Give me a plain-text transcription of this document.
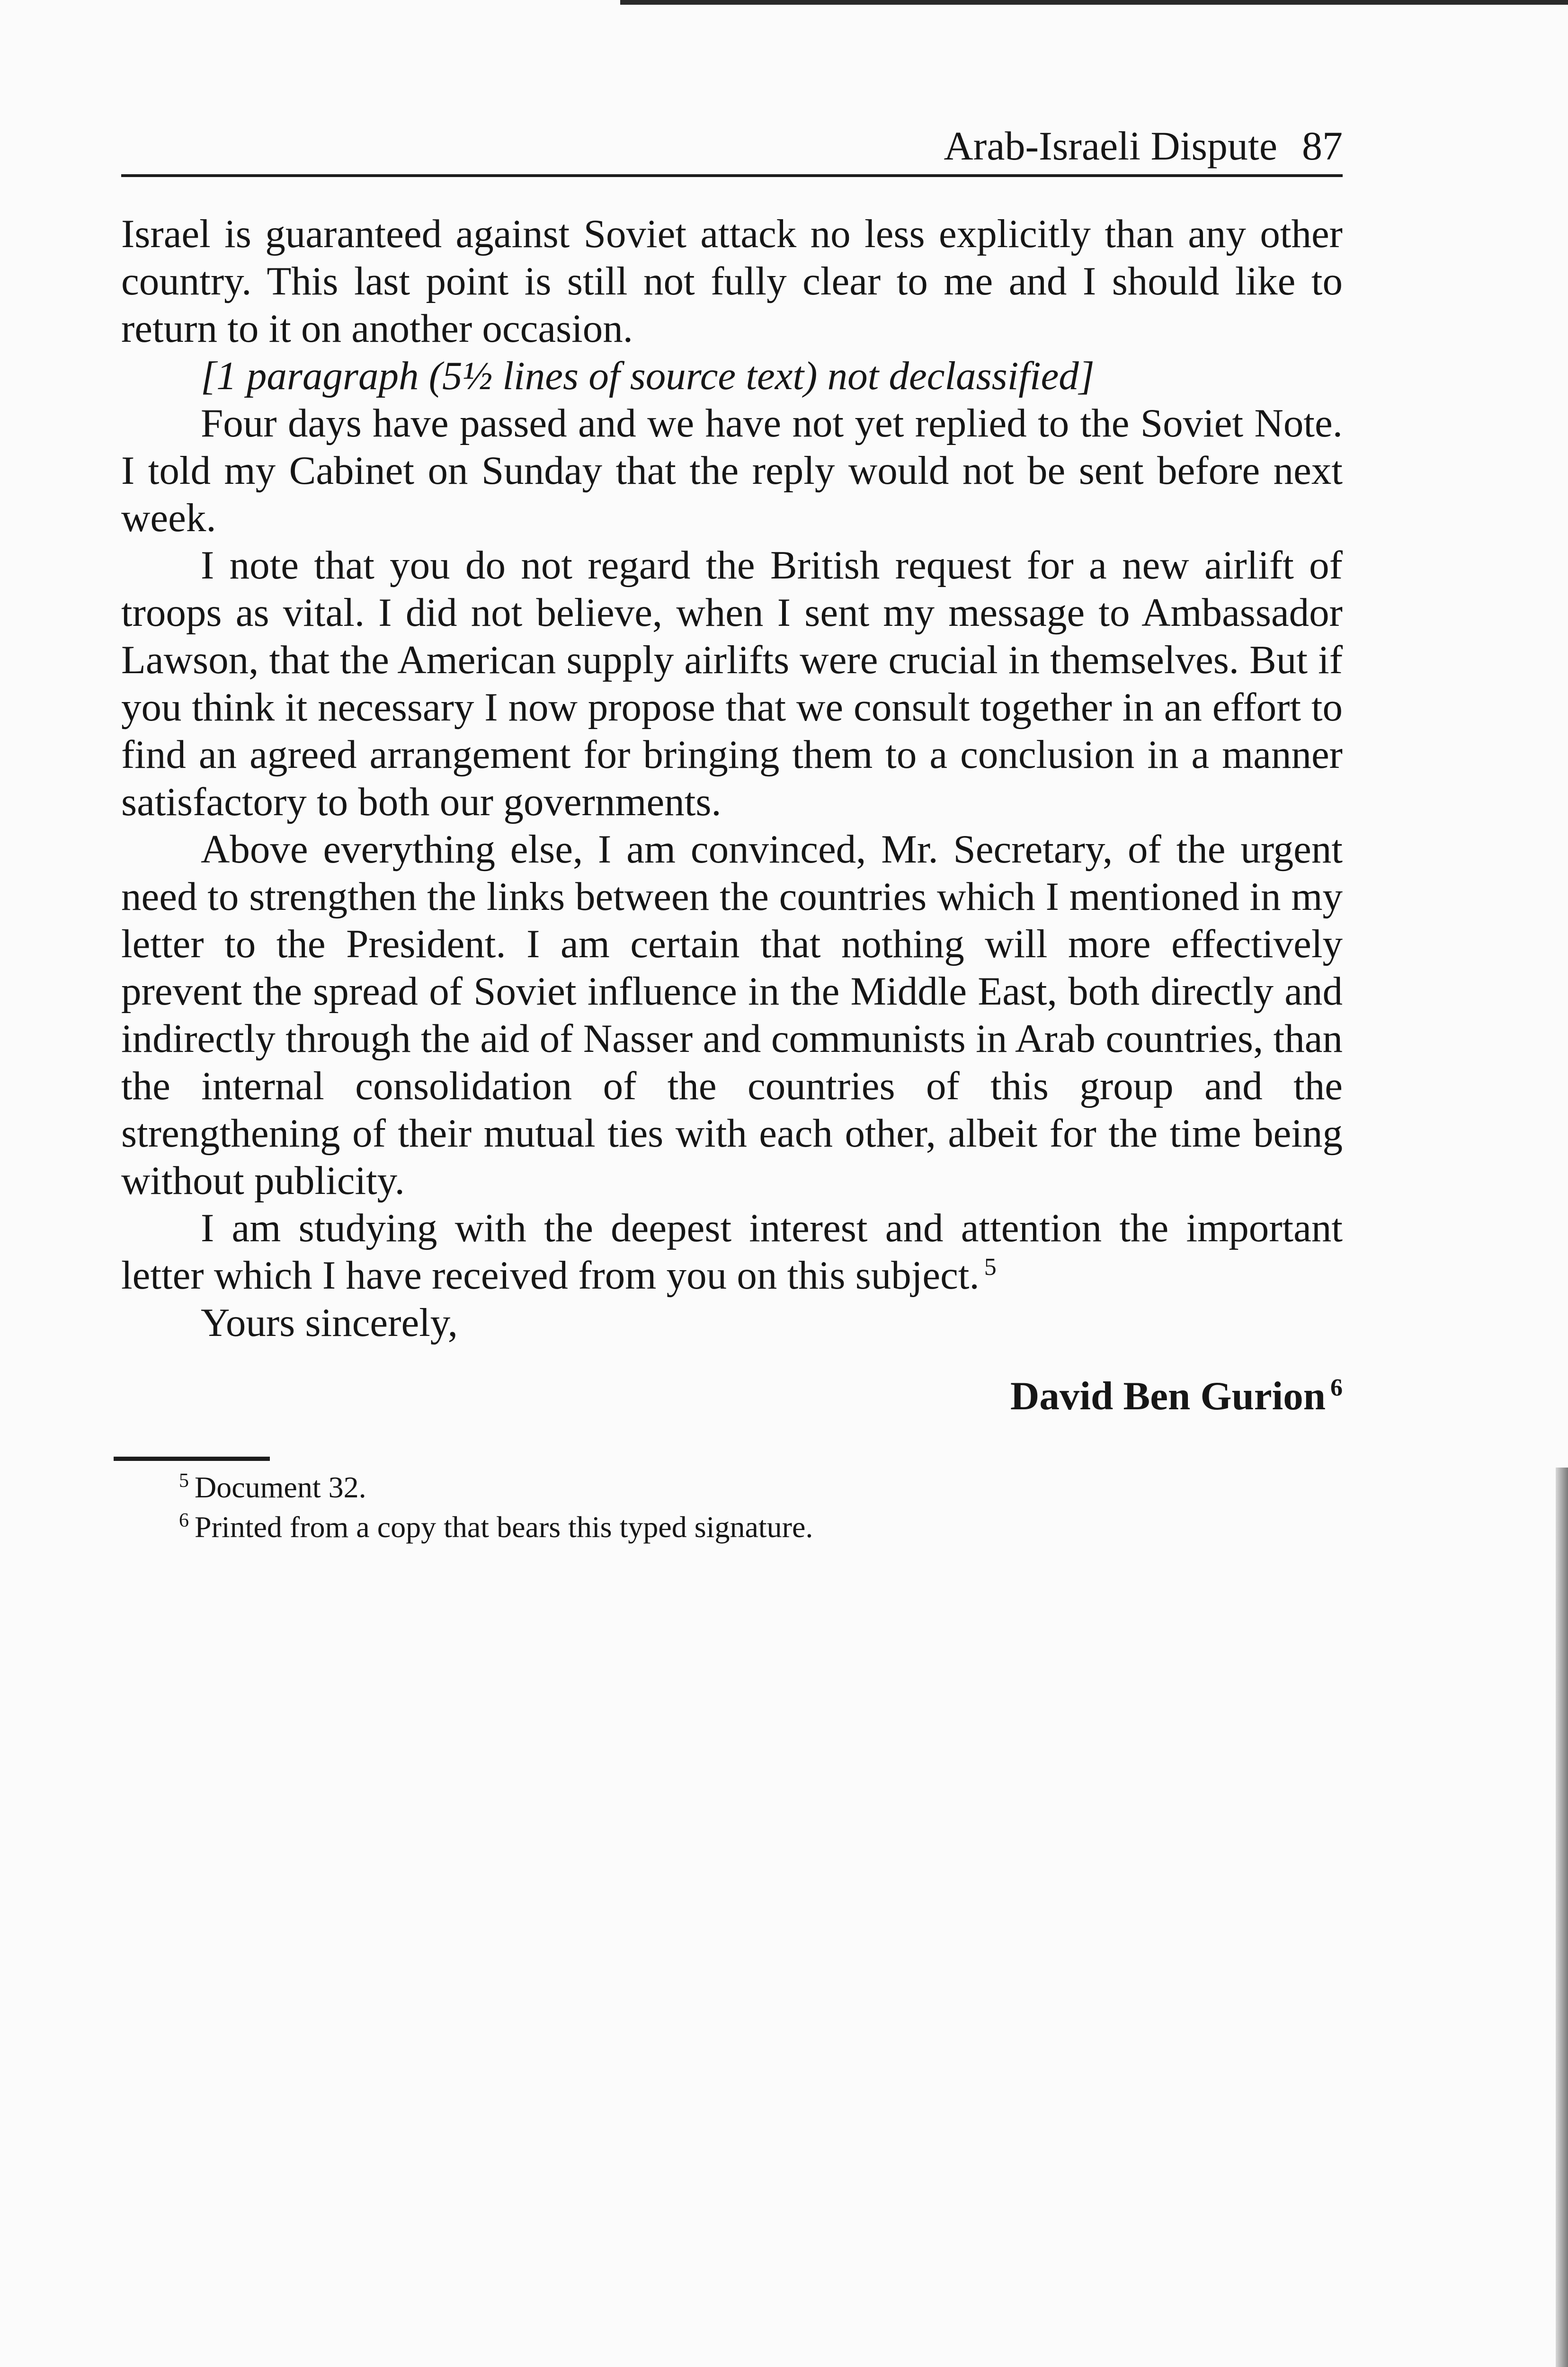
Arab-Israeli Dispute 87

Israel is guaranteed against Soviet attack no less explicitly than any other country. This last point is still not fully clear to me and I should like to return to it on another occasion.

[1 paragraph (5½ lines of source text) not declassified]

Four days have passed and we have not yet replied to the Soviet Note. I told my Cabinet on Sunday that the reply would not be sent before next week.

I note that you do not regard the British request for a new airlift of troops as vital. I did not believe, when I sent my message to Ambassador Lawson, that the American supply airlifts were crucial in themselves. But if you think it necessary I now propose that we consult together in an effort to find an agreed arrangement for bringing them to a conclusion in a manner satisfactory to both our governments.

Above everything else, I am convinced, Mr. Secretary, of the urgent need to strengthen the links between the countries which I mentioned in my letter to the President. I am certain that nothing will more effectively prevent the spread of Soviet influence in the Middle East, both directly and indirectly through the aid of Nasser and communists in Arab countries, than the internal consolidation of the countries of this group and the strengthening of their mutual ties with each other, albeit for the time being without publicity.

I am studying with the deepest interest and attention the important letter which I have received from you on this subject. $^5$

Yours sincerely,

David Ben Gurion $^6$
$^5$ Document 32.
$^6$ Printed from a copy that bears this typed signature.
